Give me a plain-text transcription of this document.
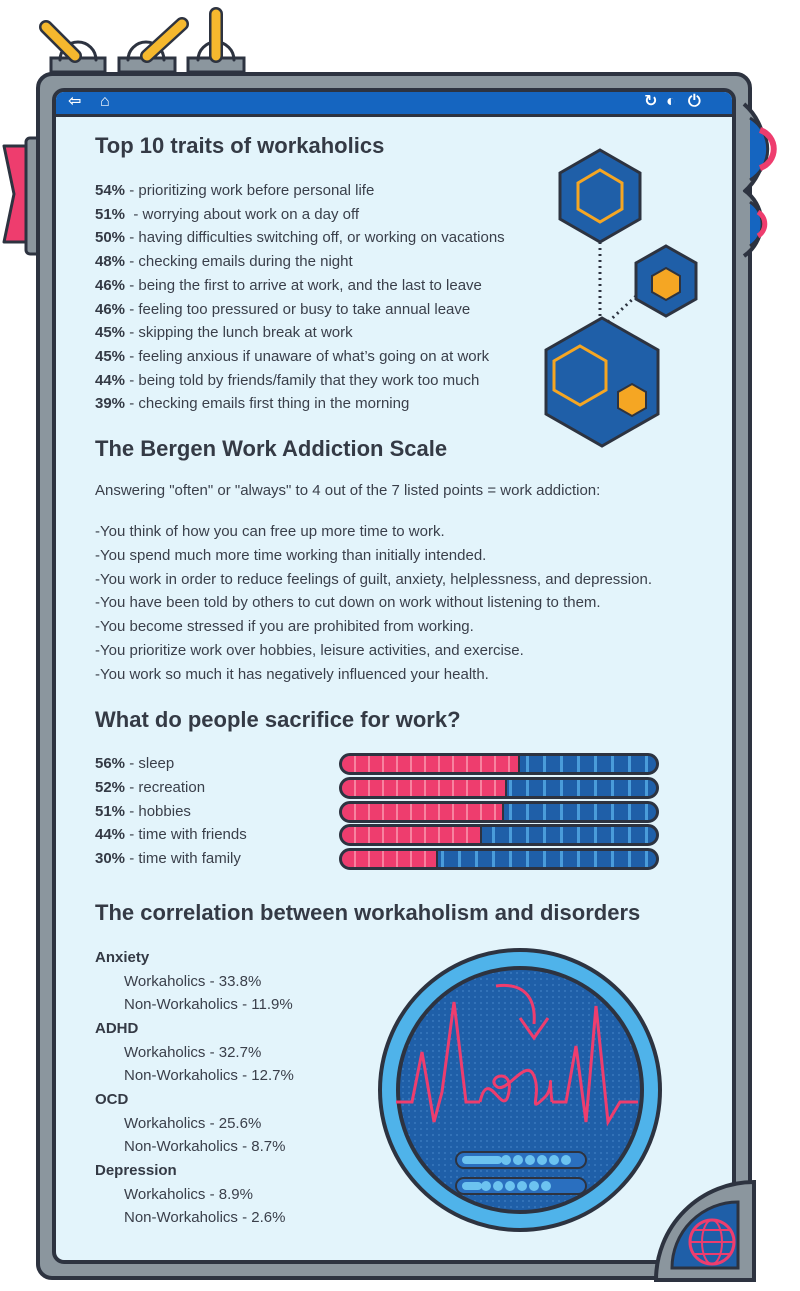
⇦ ⌂	↻ ◐ ⏻
Top 10 traits of workaholics
54% - prioritizing work before personal life
51%  - worrying about work on a day off
50% - having difficulties switching off, or working on vacations
48% - checking emails during the night
46% - being the first to arrive at work, and the last to leave
46% - feeling too pressured or busy to take annual leave
45% - skipping the lunch break at work
45% - feeling anxious if unaware of what’s going on at work
44% - being told by friends/family that they work too much
39% - checking emails first thing in the morning
The Bergen Work Addiction Scale
Answering "often" or "always" to 4 out of the 7 listed points = work addiction:
-You think of how you can free up more time to work.
-You spend much more time working than initially intended.
-You work in order to reduce feelings of guilt, anxiety, helplessness, and depression.
-You have been told by others to cut down on work without listening to them.
-You become stressed if you are prohibited from working.
-You prioritize work over hobbies, leisure activities, and exercise.
-You work so much it has negatively influenced your health.
What do people sacrifice for work?
56% - sleep
52% - recreation
51% - hobbies
44% - time with friends
30% - time with family
The correlation between workaholism and disorders
Anxiety
Workaholics - 33.8%
Non-Workaholics - 11.9%
ADHD
Workaholics - 32.7%
Non-Workaholics - 12.7%
OCD
Workaholics - 25.6%
Non-Workaholics - 8.7%
Depression
Workaholics - 8.9%
Non-Workaholics - 2.6%
